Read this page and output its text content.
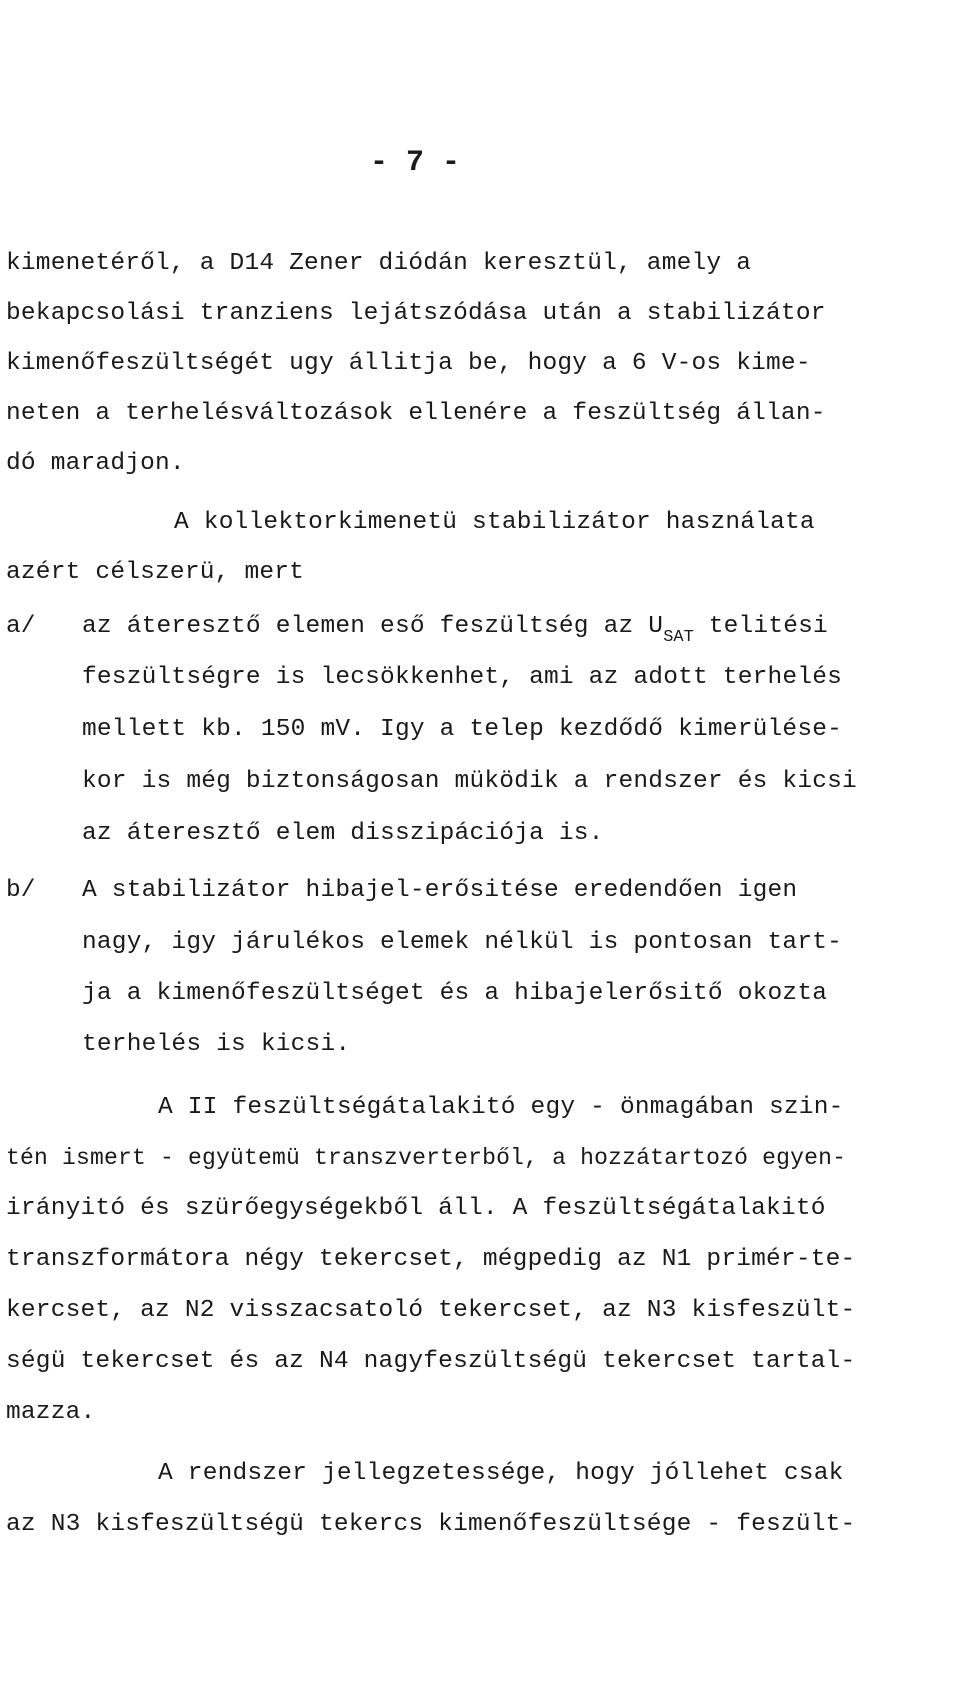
- 7 -
kimenetéről, a D14 Zener diódán keresztül, amely a
bekapcsolási tranziens lejátszódása után a stabilizátor
kimenőfeszültségét ugy állitja be, hogy a 6 V-os kime-
neten a terhelésváltozások ellenére a feszültség állan-
dó maradjon.
A kollektorkimenetü stabilizátor használata
azért célszerü, mert
a/ az áteresztő elemen eső feszültség az $U_{SAT}$ telitési
feszültségre is lecsökkenhet, ami az adott terhelés
mellett kb. 150 mV. Igy a telep kezdődő kimerülése-
kor is még biztonságosan müködik a rendszer és kicsi
az áteresztő elem disszipációja is.
b/ A stabilizátor hibajel-erősitése eredendően igen
nagy, igy járulékos elemek nélkül is pontosan tart-
ja a kimenőfeszültséget és a hibajelerősitő okozta
terhelés is kicsi.
A II feszültségátalakitó egy - önmagában szin-
tén ismert - együtemü transzverterből, a hozzátartozó egyen-
irányitó és szürőegységekből áll. A feszültségátalakitó
transzformátora négy tekercset, mégpedig az N1 primér-te-
kercset, az N2 visszacsatoló tekercset, az N3 kisfeszült-
ségü tekercset és az N4 nagyfeszültségü tekercset tartal-
mazza.
A rendszer jellegzetessége, hogy jóllehet csak
az N3 kisfeszültségü tekercs kimenőfeszültsége - feszült-
